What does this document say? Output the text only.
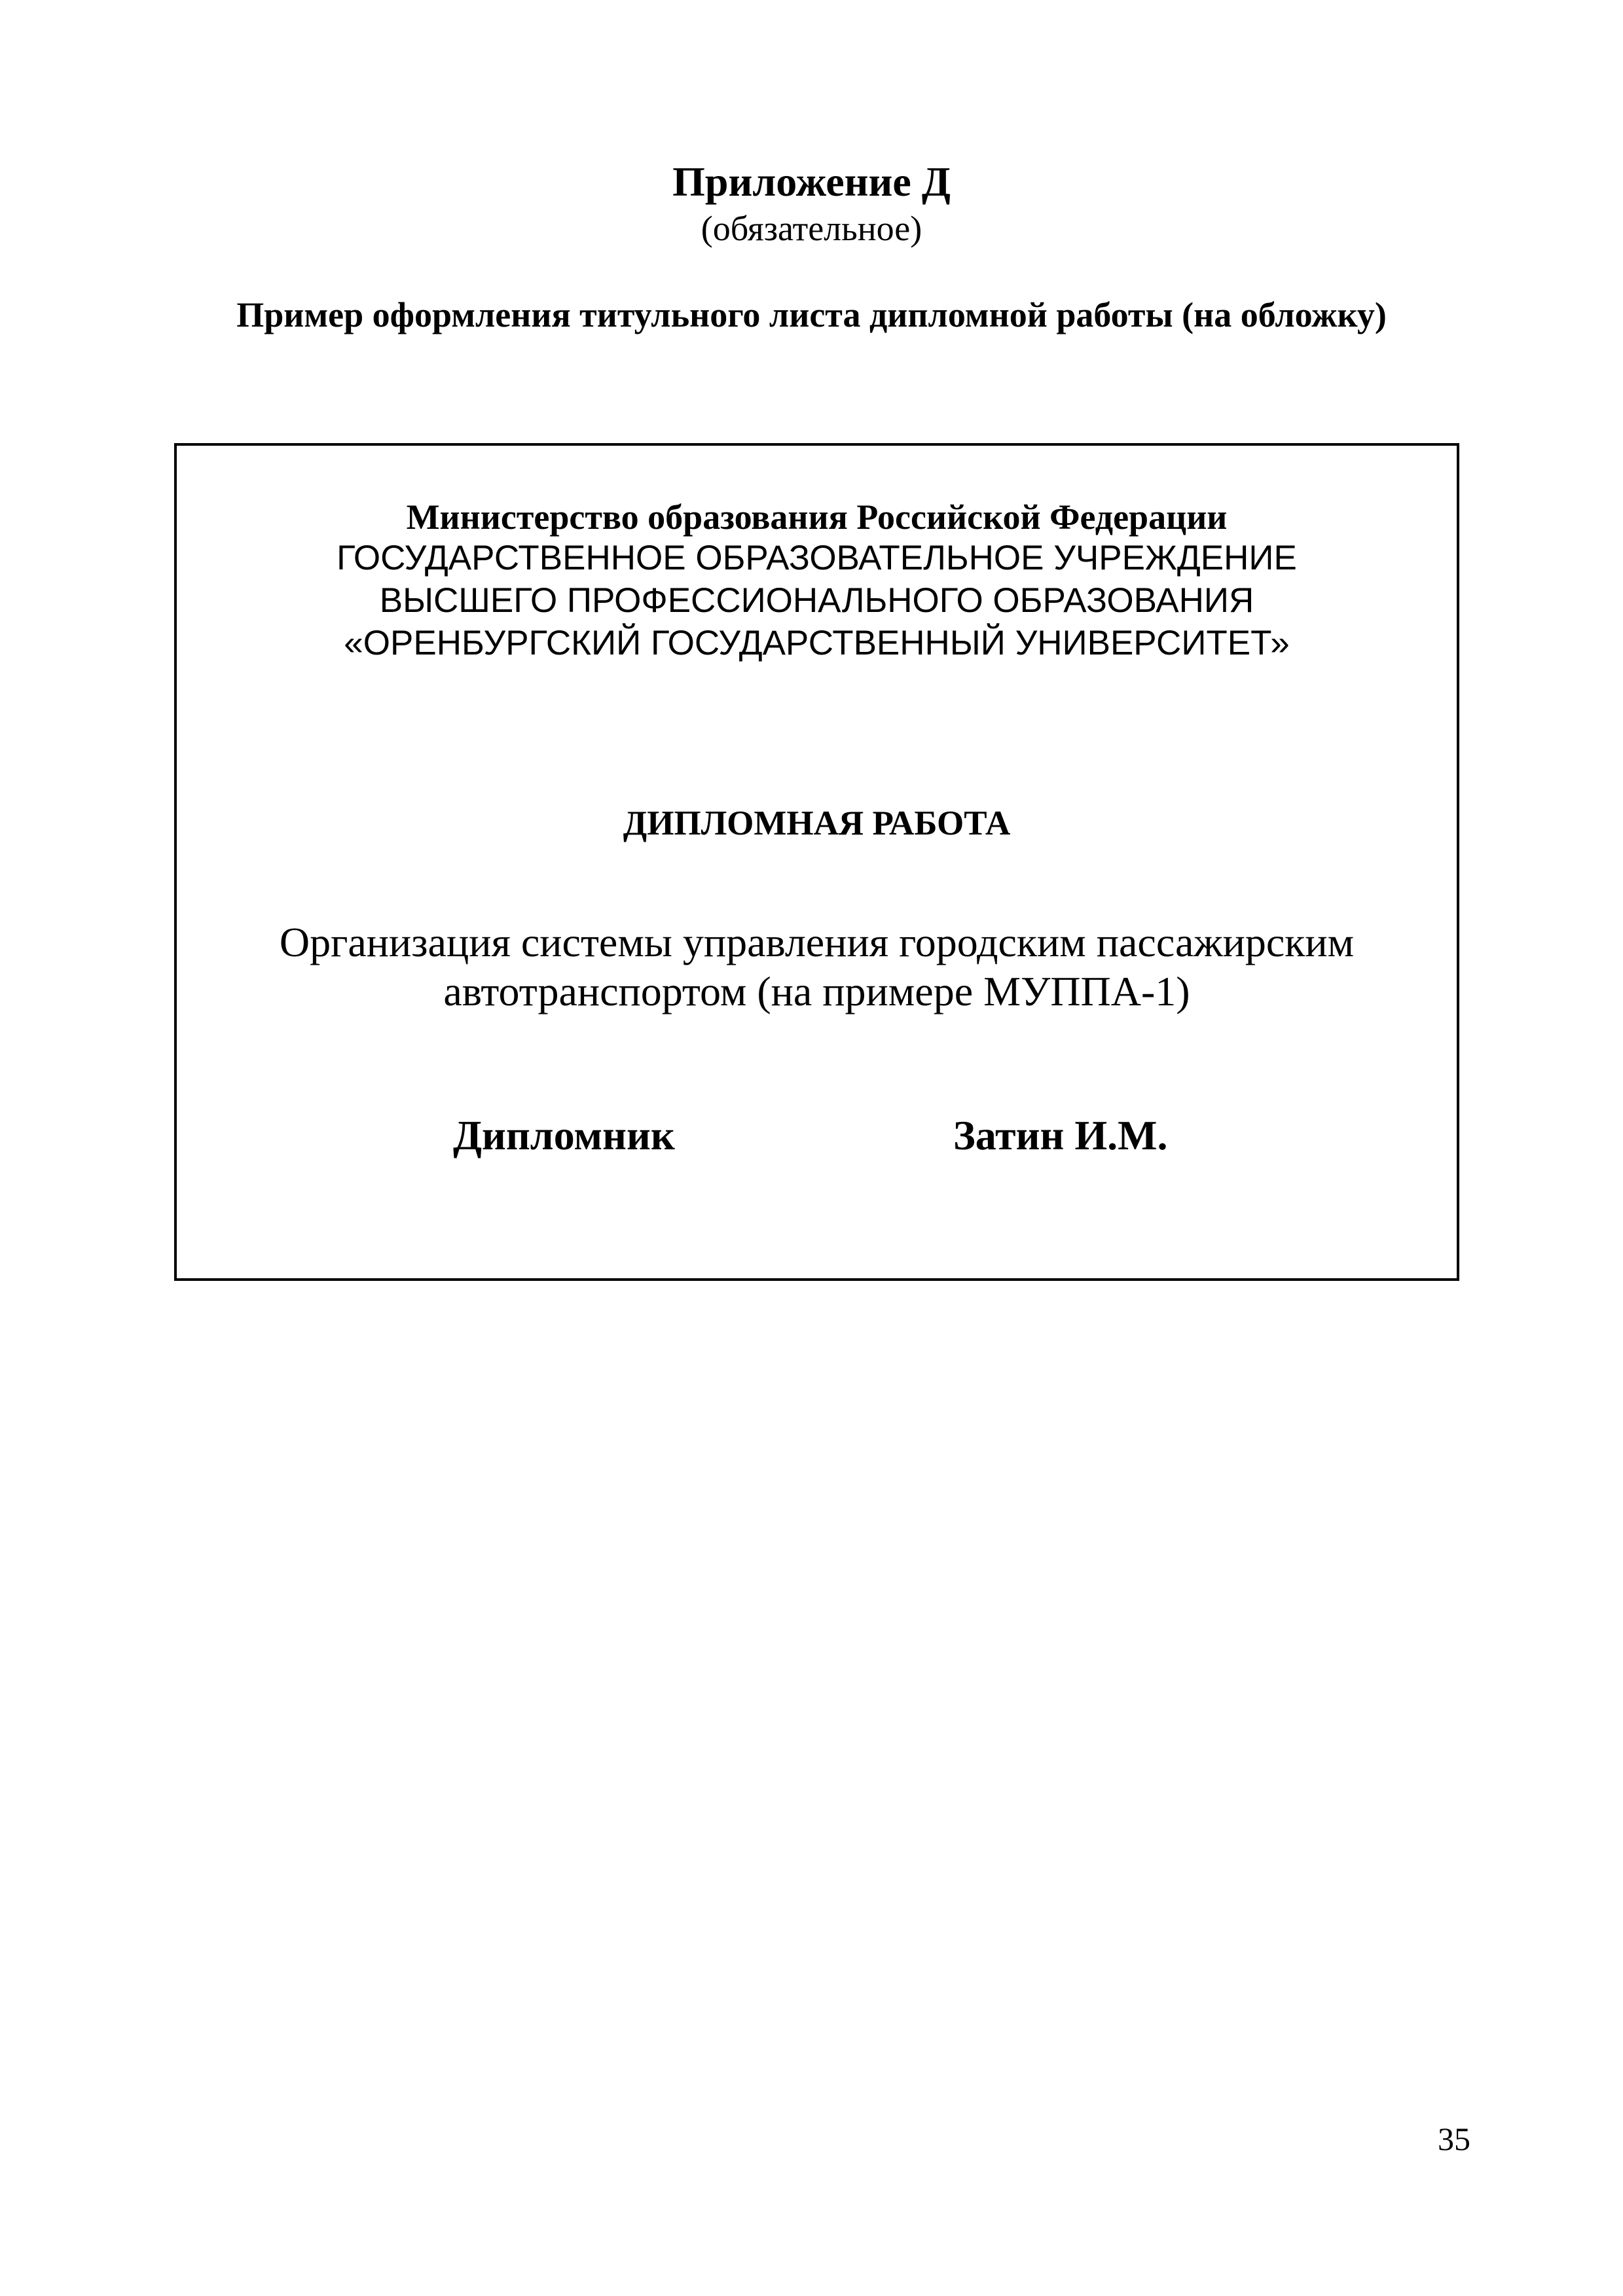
Приложение Д
(обязательное)
Пример оформления титульного листа дипломной работы (на обложку)
Министерство образования Российской Федерации
ГОСУДАРСТВЕННОЕ ОБРАЗОВАТЕЛЬНОЕ УЧРЕЖДЕНИЕ
ВЫСШЕГО ПРОФЕССИОНАЛЬНОГО ОБРАЗОВАНИЯ
«ОРЕНБУРГСКИЙ ГОСУДАРСТВЕННЫЙ УНИВЕРСИТЕТ»
ДИПЛОМНАЯ РАБОТА
Организация системы управления городским пассажирским
автотранспортом (на примере МУППА-1)
Дипломник	Затин И.М.
35
